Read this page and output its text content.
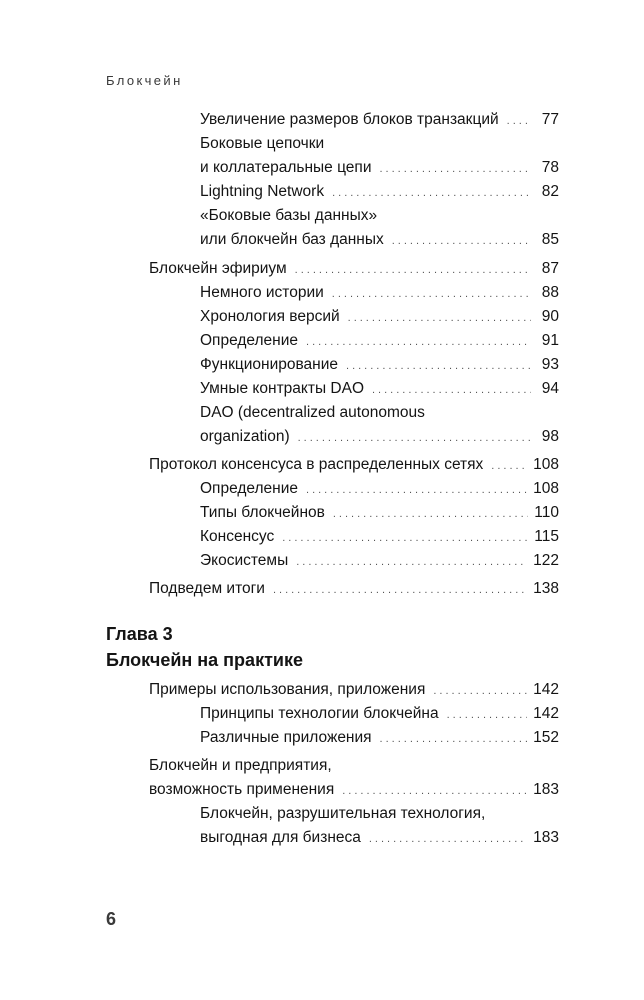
Блокчейн
Увеличение размеров блоков транзакций .....	77
Боковые цепочки
и коллатеральные цепи .....	78
Lightning Network .....	82
«Боковые базы данных»
или блокчейн баз данных .....	85
Блокчейн эфириум .....	87
Немного истории .....	88
Хронология версий .....	90
Определение .....	91
Функционирование .....	93
Умные контракты DAO .....	94
DAO (decentralized autonomous
organization) .....	98
Протокол консенсуса в распределенных сетях .....	108
Определение .....	108
Типы блокчейнов .....	110
Консенсус .....	115
Экосистемы .....	122
Подведем итоги .....	138
Глава 3
Блокчейн на практике
Примеры использования, приложения .....	142
Принципы технологии блокчейна .....	142
Различные приложения .....	152
Блокчейн и предприятия,
возможность применения .....	183
Блокчейн, разрушительная технология,
выгодная для бизнеса .....	183
6
